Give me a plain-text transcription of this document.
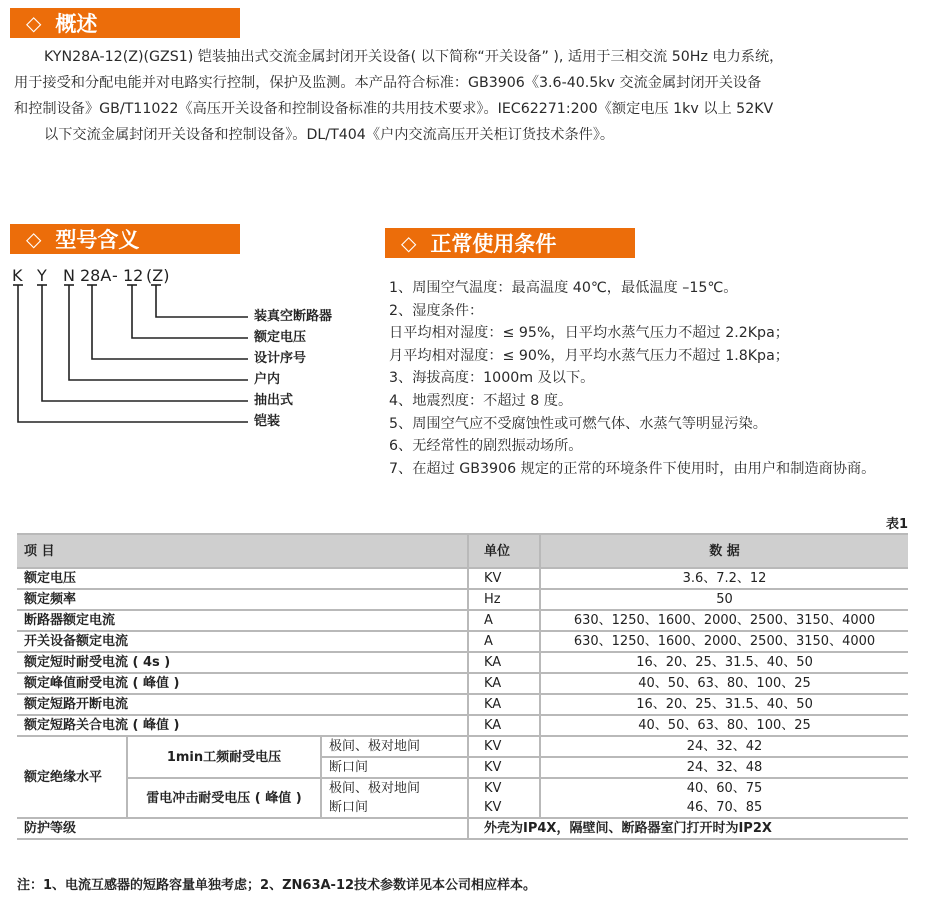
◇ 概述
KYN28A-12(Z)(GZS1) 铠装抽出式交流金属封闭开关设备( 以下简称“开关设备” ), 适用于三相交流 50Hz 电力系统，
用于接受和分配电能并对电路实行控制，保护及监测。本产品符合标准：GB3906《3.6-40.5kv 交流金属封闭开关设备
和控制设备》GB/T11022《高压开关设备和控制设备标准的共用技术要求》。IEC62271:200《额定电压 1kv 以上 52KV
以下交流金属封闭开关设备和控制设备》。DL/T404《户内交流高压开关柜订货技术条件》。
◇ 型号含义
K Y N 28A - 12 (Z)
装真空断路器
额定电压
设计序号
户内
抽出式
铠装
◇ 正常使用条件
1、周围空气温度：最高温度 40℃，最低温度 –15℃。
2、湿度条件：
日平均相对湿度：≤ 95%，日平均水蒸气压力不超过 2.2Kpa；
月平均相对湿度：≤ 90%，月平均水蒸气压力不超过 1.8Kpa；
3、海拔高度：1000m 及以下。
4、地震烈度：不超过 8 度。
5、周围空气应不受腐蚀性或可燃气体、水蒸气等明显污染。
6、无经常性的剧烈振动场所。
7、在超过 GB3906 规定的正常的环境条件下使用时，由用户和制造商协商。
表1
项 目			单位	数 据
额定电压			KV	3.6、7.2、12
额定频率			Hz	50
断路器额定电流			A	630、1250、1600、2000、2500、3150、4000
开关设备额定电流			A	630、1250、1600、2000、2500、3150、4000
额定短时耐受电流 ( 4s )			KA	16、20、25、31.5、40、50
额定峰值耐受电流 ( 峰值 )			KA	40、50、63、80、100、25
额定短路开断电流			KA	16、20、25、31.5、40、50
额定短路关合电流 ( 峰值 )			KA	40、50、63、80、100、25
额定绝缘水平	1min工频耐受电压	极间、极对地间	KV	24、32、42
		断口间	KV	24、32、48
	雷电冲击耐受电压 ( 峰值 )	极间、极对地间	KV	40、60、75
		断口间	KV	46、70、85
防护等级			外壳为IP4X，隔壁间、断路器室门打开时为IP2X	
注：1、电流互感器的短路容量单独考虑；2、ZN63A-12技术参数详见本公司相应样本。
